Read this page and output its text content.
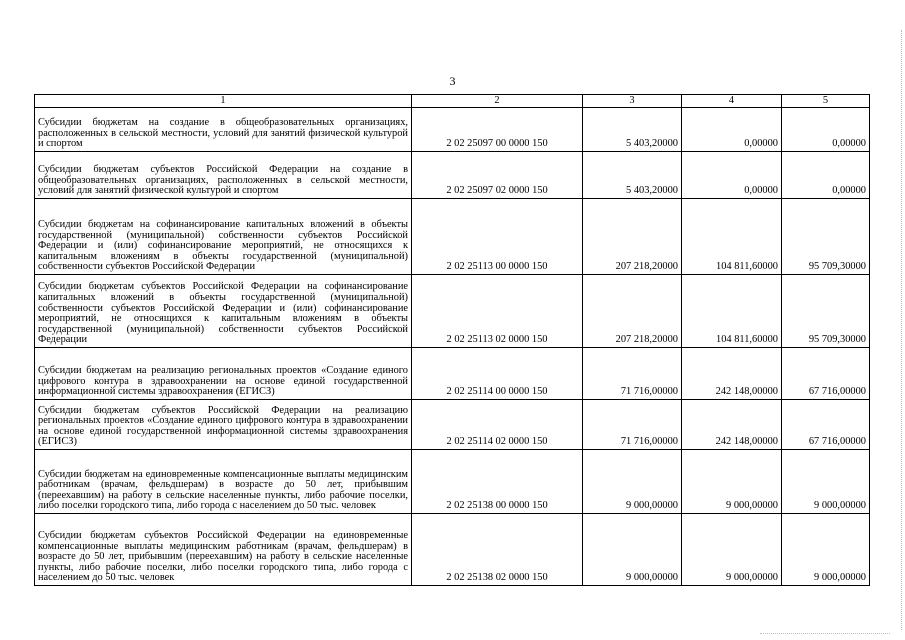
3
1	2	3	4	5
Субсидии бюджетам на создание в общеобразовательных организациях, расположенных в сельской местности, условий для занятий физической культурой и спортом	2 02 25097 00 0000 150	5 403,20000	0,00000	0,00000
Субсидии бюджетам субъектов Российской Федерации на создание в общеобразовательных организациях, расположенных в сельской местности, условий для занятий физической культурой и спортом	2 02 25097 02 0000 150	5 403,20000	0,00000	0,00000
Субсидии бюджетам на софинансирование капитальных вложений в объекты государственной (муниципальной) собственности субъектов Российской Федерации и (или) софинансирование мероприятий, не относящихся к капитальным вложениям в объекты государственной (муниципальной) собственности субъектов Российской Федерации	2 02 25113 00 0000 150	207 218,20000	104 811,60000	95 709,30000
Субсидии бюджетам субъектов Российской Федерации на софинансирование капитальных вложений в объекты государственной (муниципальной) собственности субъектов Российской Федерации и (или) софинансирование мероприятий, не относящихся к капитальным вложениям в объекты государственной (муниципальной) собственности субъектов Российской Федерации	2 02 25113 02 0000 150	207 218,20000	104 811,60000	95 709,30000
Субсидии бюджетам на реализацию региональных проектов «Создание единого цифрового контура в здравоохранении на основе единой государственной информационной системы здравоохранения (ЕГИСЗ)	2 02 25114 00 0000 150	71 716,00000	242 148,00000	67 716,00000
Субсидии бюджетам субъектов Российской Федерации на реализацию региональных проектов «Создание единого цифрового контура в здравоохранении на основе единой государственной информационной системы здравоохранения (ЕГИСЗ)	2 02 25114 02 0000 150	71 716,00000	242 148,00000	67 716,00000
Субсидии бюджетам на единовременные компенсационные выплаты медицинским работникам (врачам, фельдшерам) в возрасте до 50 лет, прибывшим (переехавшим) на работу в сельские населенные пункты, либо рабочие поселки, либо поселки городского типа, либо города с населением до 50 тыс. человек	2 02 25138 00 0000 150	9 000,00000	9 000,00000	9 000,00000
Субсидии бюджетам субъектов Российской Федерации на единовременные компенсационные выплаты медицинским работникам (врачам, фельдшерам) в возрасте до 50 лет, прибывшим (переехавшим) на работу в сельские населенные пункты, либо рабочие поселки, либо поселки городского типа, либо города с населением до 50 тыс. человек	2 02 25138 02 0000 150	9 000,00000	9 000,00000	9 000,00000
